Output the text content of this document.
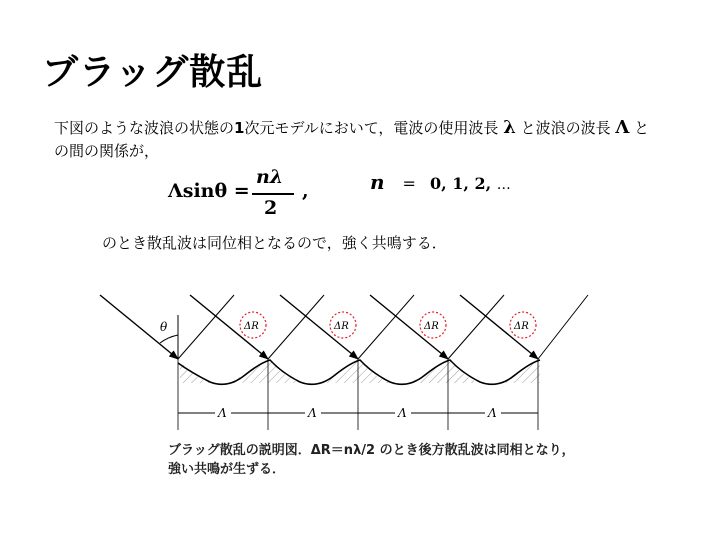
ブラッグ散乱
下図のような波浪の状態の1次元モデルにおいて，電波の使用波長 λ と波浪の波長 Λ との間の関係が，
Λsinθ =
nλ
2
,	n = 0, 1, 2, …
のとき散乱波は同位相となるので，強く共鳴する．
θ	ΔR	ΔR	ΔR	ΔR
Λ	Λ	Λ	Λ
ブラッグ散乱の説明図．ΔR＝nλ/2 のとき後方散乱波は同相となり，
強い共鳴が生ずる．
